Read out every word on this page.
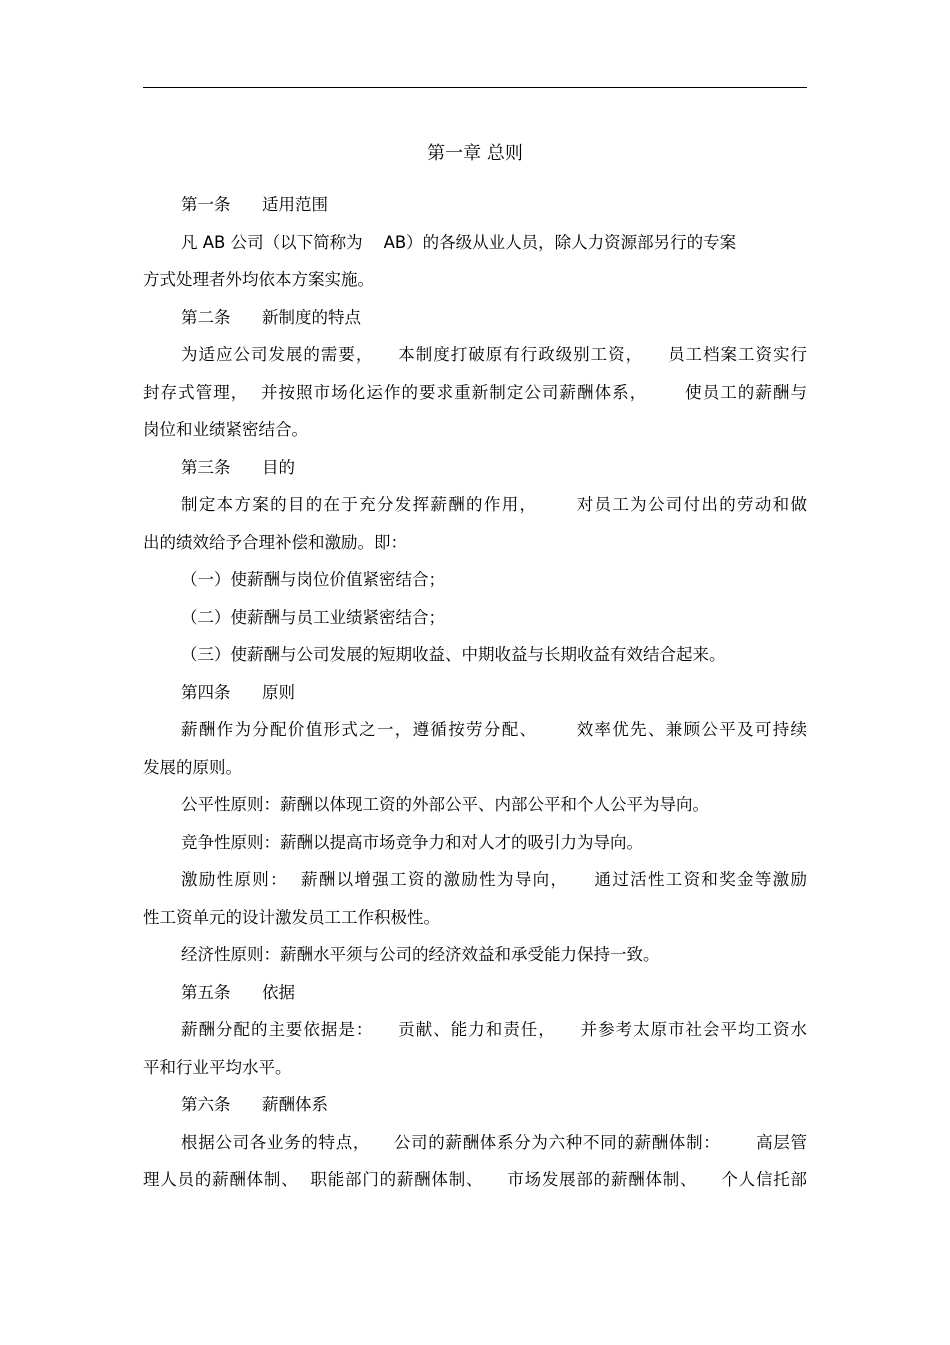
第一章 总则
第一条      适用范围
凡 AB 公司（以下简称为    AB）的各级从业人员，除人力资源部另行的专案
方式处理者外均依本方案实施。
第二条      新制度的特点
为适应公司发展的需要，    本制度打破原有行政级别工资，    员工档案工资实行
封存式管理，  并按照市场化运作的要求重新制定公司薪酬体系，      使员工的薪酬与
岗位和业绩紧密结合。
第三条      目的
制定本方案的目的在于充分发挥薪酬的作用，      对员工为公司付出的劳动和做
出的绩效给予合理补偿和激励。即：
（一）使薪酬与岗位价值紧密结合；
（二）使薪酬与员工业绩紧密结合；
（三）使薪酬与公司发展的短期收益、中期收益与长期收益有效结合起来。
第四条      原则
薪酬作为分配价值形式之一，遵循按劳分配、      效率优先、兼顾公平及可持续
发展的原则。
公平性原则：薪酬以体现工资的外部公平、内部公平和个人公平为导向。
竞争性原则：薪酬以提高市场竞争力和对人才的吸引力为导向。
激励性原则：  薪酬以增强工资的激励性为导向，    通过活性工资和奖金等激励
性工资单元的设计激发员工工作积极性。
经济性原则：薪酬水平须与公司的经济效益和承受能力保持一致。
第五条      依据
薪酬分配的主要依据是：    贡献、能力和责任，    并参考太原市社会平均工资水
平和行业平均水平。
第六条      薪酬体系
根据公司各业务的特点，    公司的薪酬体系分为六种不同的薪酬体制：      高层管
理人员的薪酬体制、  职能部门的薪酬体制、    市场发展部的薪酬体制、    个人信托部
